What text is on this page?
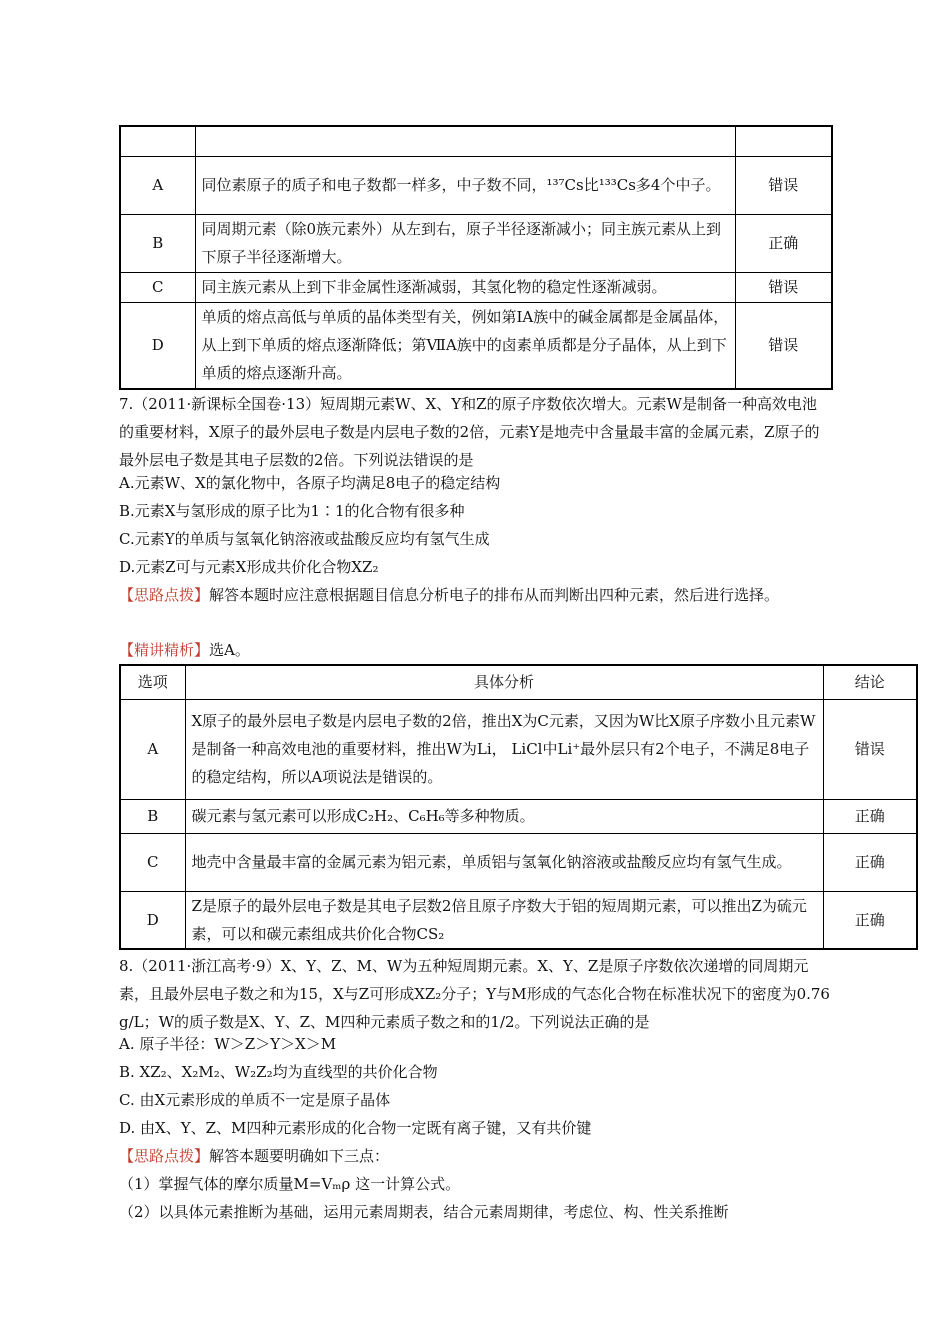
A	同位素原子的质子和电子数都一样多，中子数不同，¹³⁷Cs比¹³³Cs多4个中子。	错误
B	同周期元素（除0族元素外）从左到右，原子半径逐渐减小；同主族元素从上到下原子半径逐渐增大。	正确
C	同主族元素从上到下非金属性逐渐减弱，其氢化物的稳定性逐渐减弱。	错误
D	单质的熔点高低与单质的晶体类型有关，例如第ⅠA族中的碱金属都是金属晶体，从上到下单质的熔点逐渐降低；第ⅦA族中的卤素单质都是分子晶体，从上到下单质的熔点逐渐升高。	错误
7.（2011·新课标全国卷·13）短周期元素W、X、Y和Z的原子序数依次增大。元素W是制备一种高效电池的重要材料，X原子的最外层电子数是内层电子数的2倍，元素Y是地壳中含量最丰富的金属元素，Z原子的最外层电子数是其电子层数的2倍。下列说法错误的是
A.元素W、X的氯化物中，各原子均满足8电子的稳定结构
B.元素X与氢形成的原子比为1∶1的化合物有很多种
C.元素Y的单质与氢氧化钠溶液或盐酸反应均有氢气生成
D.元素Z可与元素X形成共价化合物XZ₂
【思路点拨】解答本题时应注意根据题目信息分析电子的排布从而判断出四种元素，然后进行选择。
【精讲精析】选A。
选项	具体分析	结论
A	X原子的最外层电子数是内层电子数的2倍，推出X为C元素，又因为W比X原子序数小且元素W是制备一种高效电池的重要材料，推出W为Li， LiCl中Li⁺最外层只有2个电子，不满足8电子的稳定结构，所以A项说法是错误的。	错误
B	碳元素与氢元素可以形成C₂H₂、C₆H₆等多种物质。	正确
C	地壳中含量最丰富的金属元素为铝元素，单质铝与氢氧化钠溶液或盐酸反应均有氢气生成。	正确
D	Z是原子的最外层电子数是其电子层数2倍且原子序数大于铝的短周期元素，可以推出Z为硫元素，可以和碳元素组成共价化合物CS₂	正确
8.（2011·浙江高考·9）X、Y、Z、M、W为五种短周期元素。X、Y、Z是原子序数依次递增的同周期元素，且最外层电子数之和为15，X与Z可形成XZ₂分子；Y与M形成的气态化合物在标准状况下的密度为0.76 g/L；W的质子数是X、Y、Z、M四种元素质子数之和的1/2。下列说法正确的是
A. 原子半径：W＞Z＞Y＞X＞M
B. XZ₂、X₂M₂、W₂Z₂均为直线型的共价化合物
C. 由X元素形成的单质不一定是原子晶体
D. 由X、Y、Z、M四种元素形成的化合物一定既有离子键，又有共价键
【思路点拨】解答本题要明确如下三点：
（1）掌握气体的摩尔质量M=Vₘρ 这一计算公式。
（2）以具体元素推断为基础，运用元素周期表，结合元素周期律，考虑位、构、性关系推断
